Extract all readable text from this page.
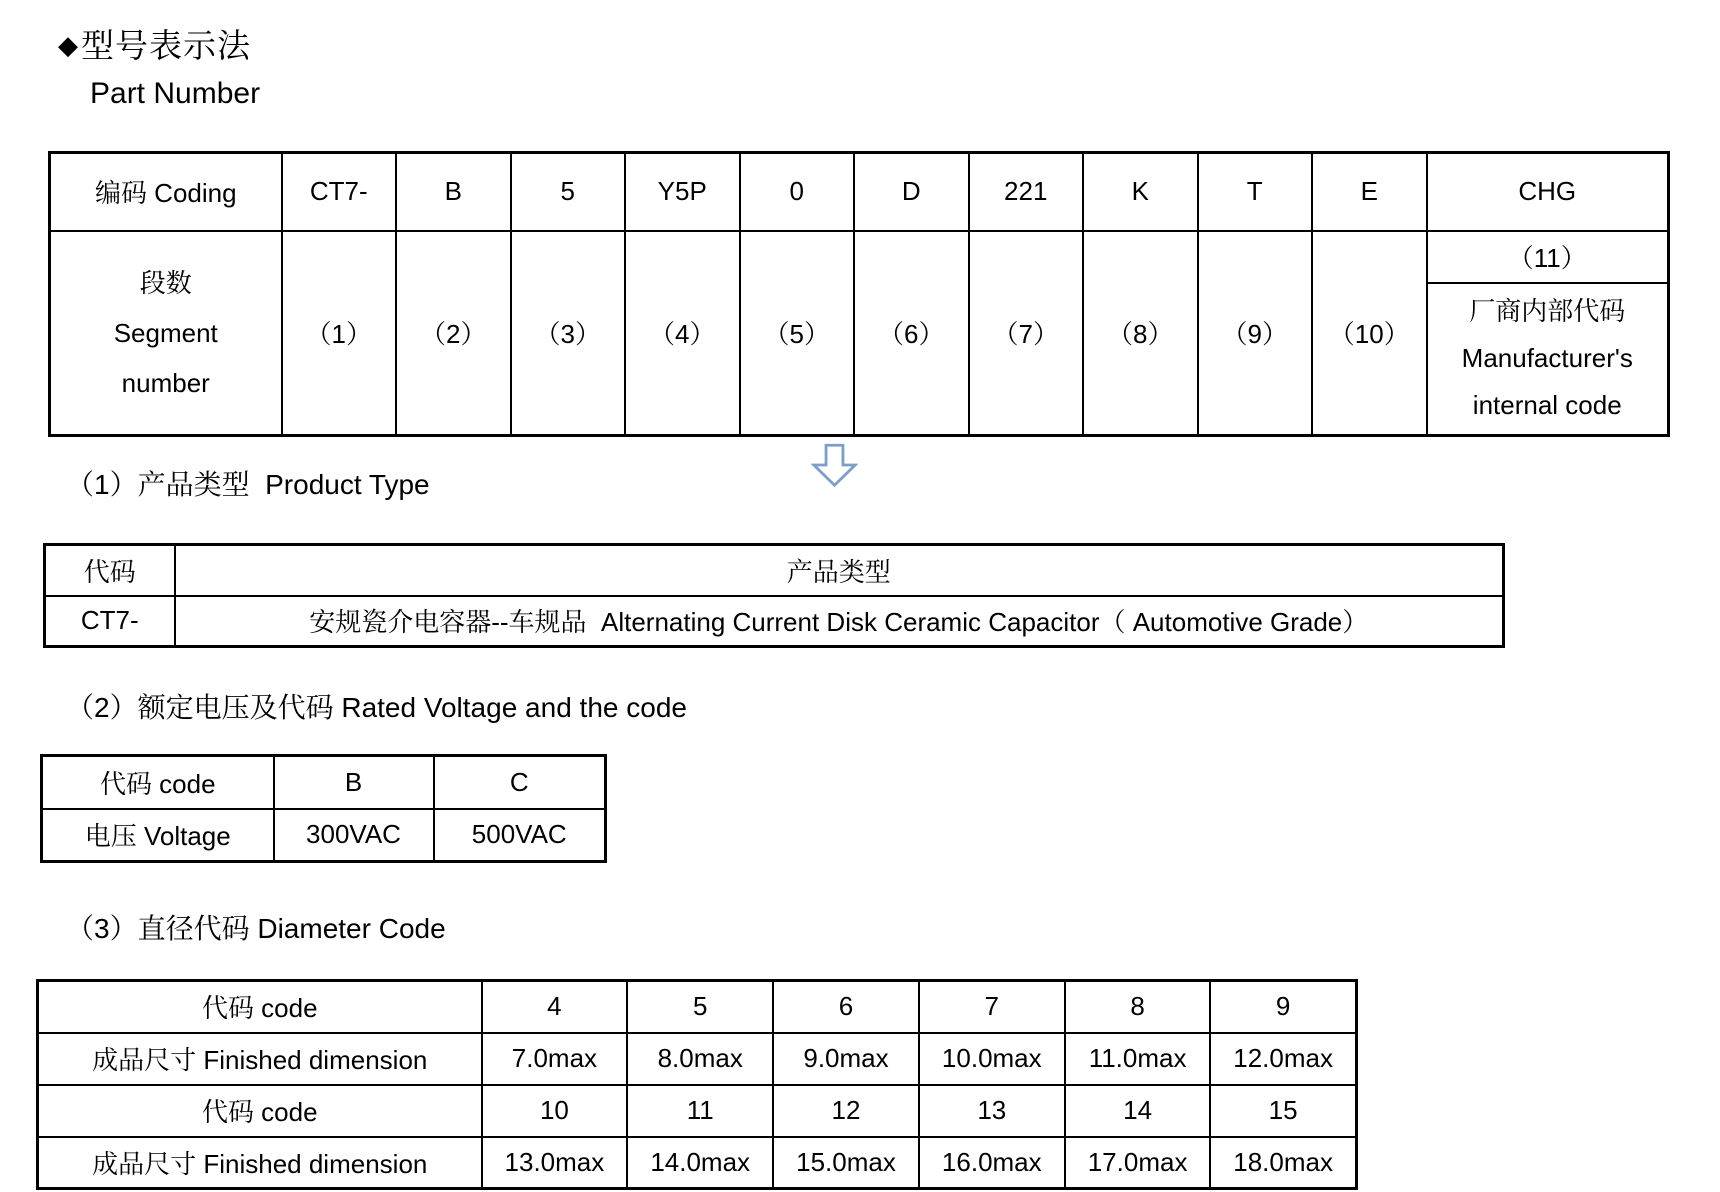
◆型号表示法
Part Number
编码 Coding	CT7-	B	5	Y5P	0	D	221	K	T	E	CHG

段数
Segment
number	（1）	（2）	（3）	（4）	（5）	（6）	（7）	（8）	（9）	（10）	（11）

											厂商内部代码
Manufacturer's
internal code
（1）产品类型  Product Type
代码	产品类型
CT7-	安规瓷介电容器--车规品  Alternating Current Disk Ceramic Capacitor（ Automotive Grade）
（2）额定电压及代码 Rated Voltage and the code
代码 code	B	C
电压 Voltage	300VAC	500VAC
（3）直径代码 Diameter Code
代码 code	4	5	6	7	8	9
成品尺寸 Finished dimension	7.0max	8.0max	9.0max	10.0max	11.0max	12.0max
代码 code	10	11	12	13	14	15
成品尺寸 Finished dimension	13.0max	14.0max	15.0max	16.0max	17.0max	18.0max
